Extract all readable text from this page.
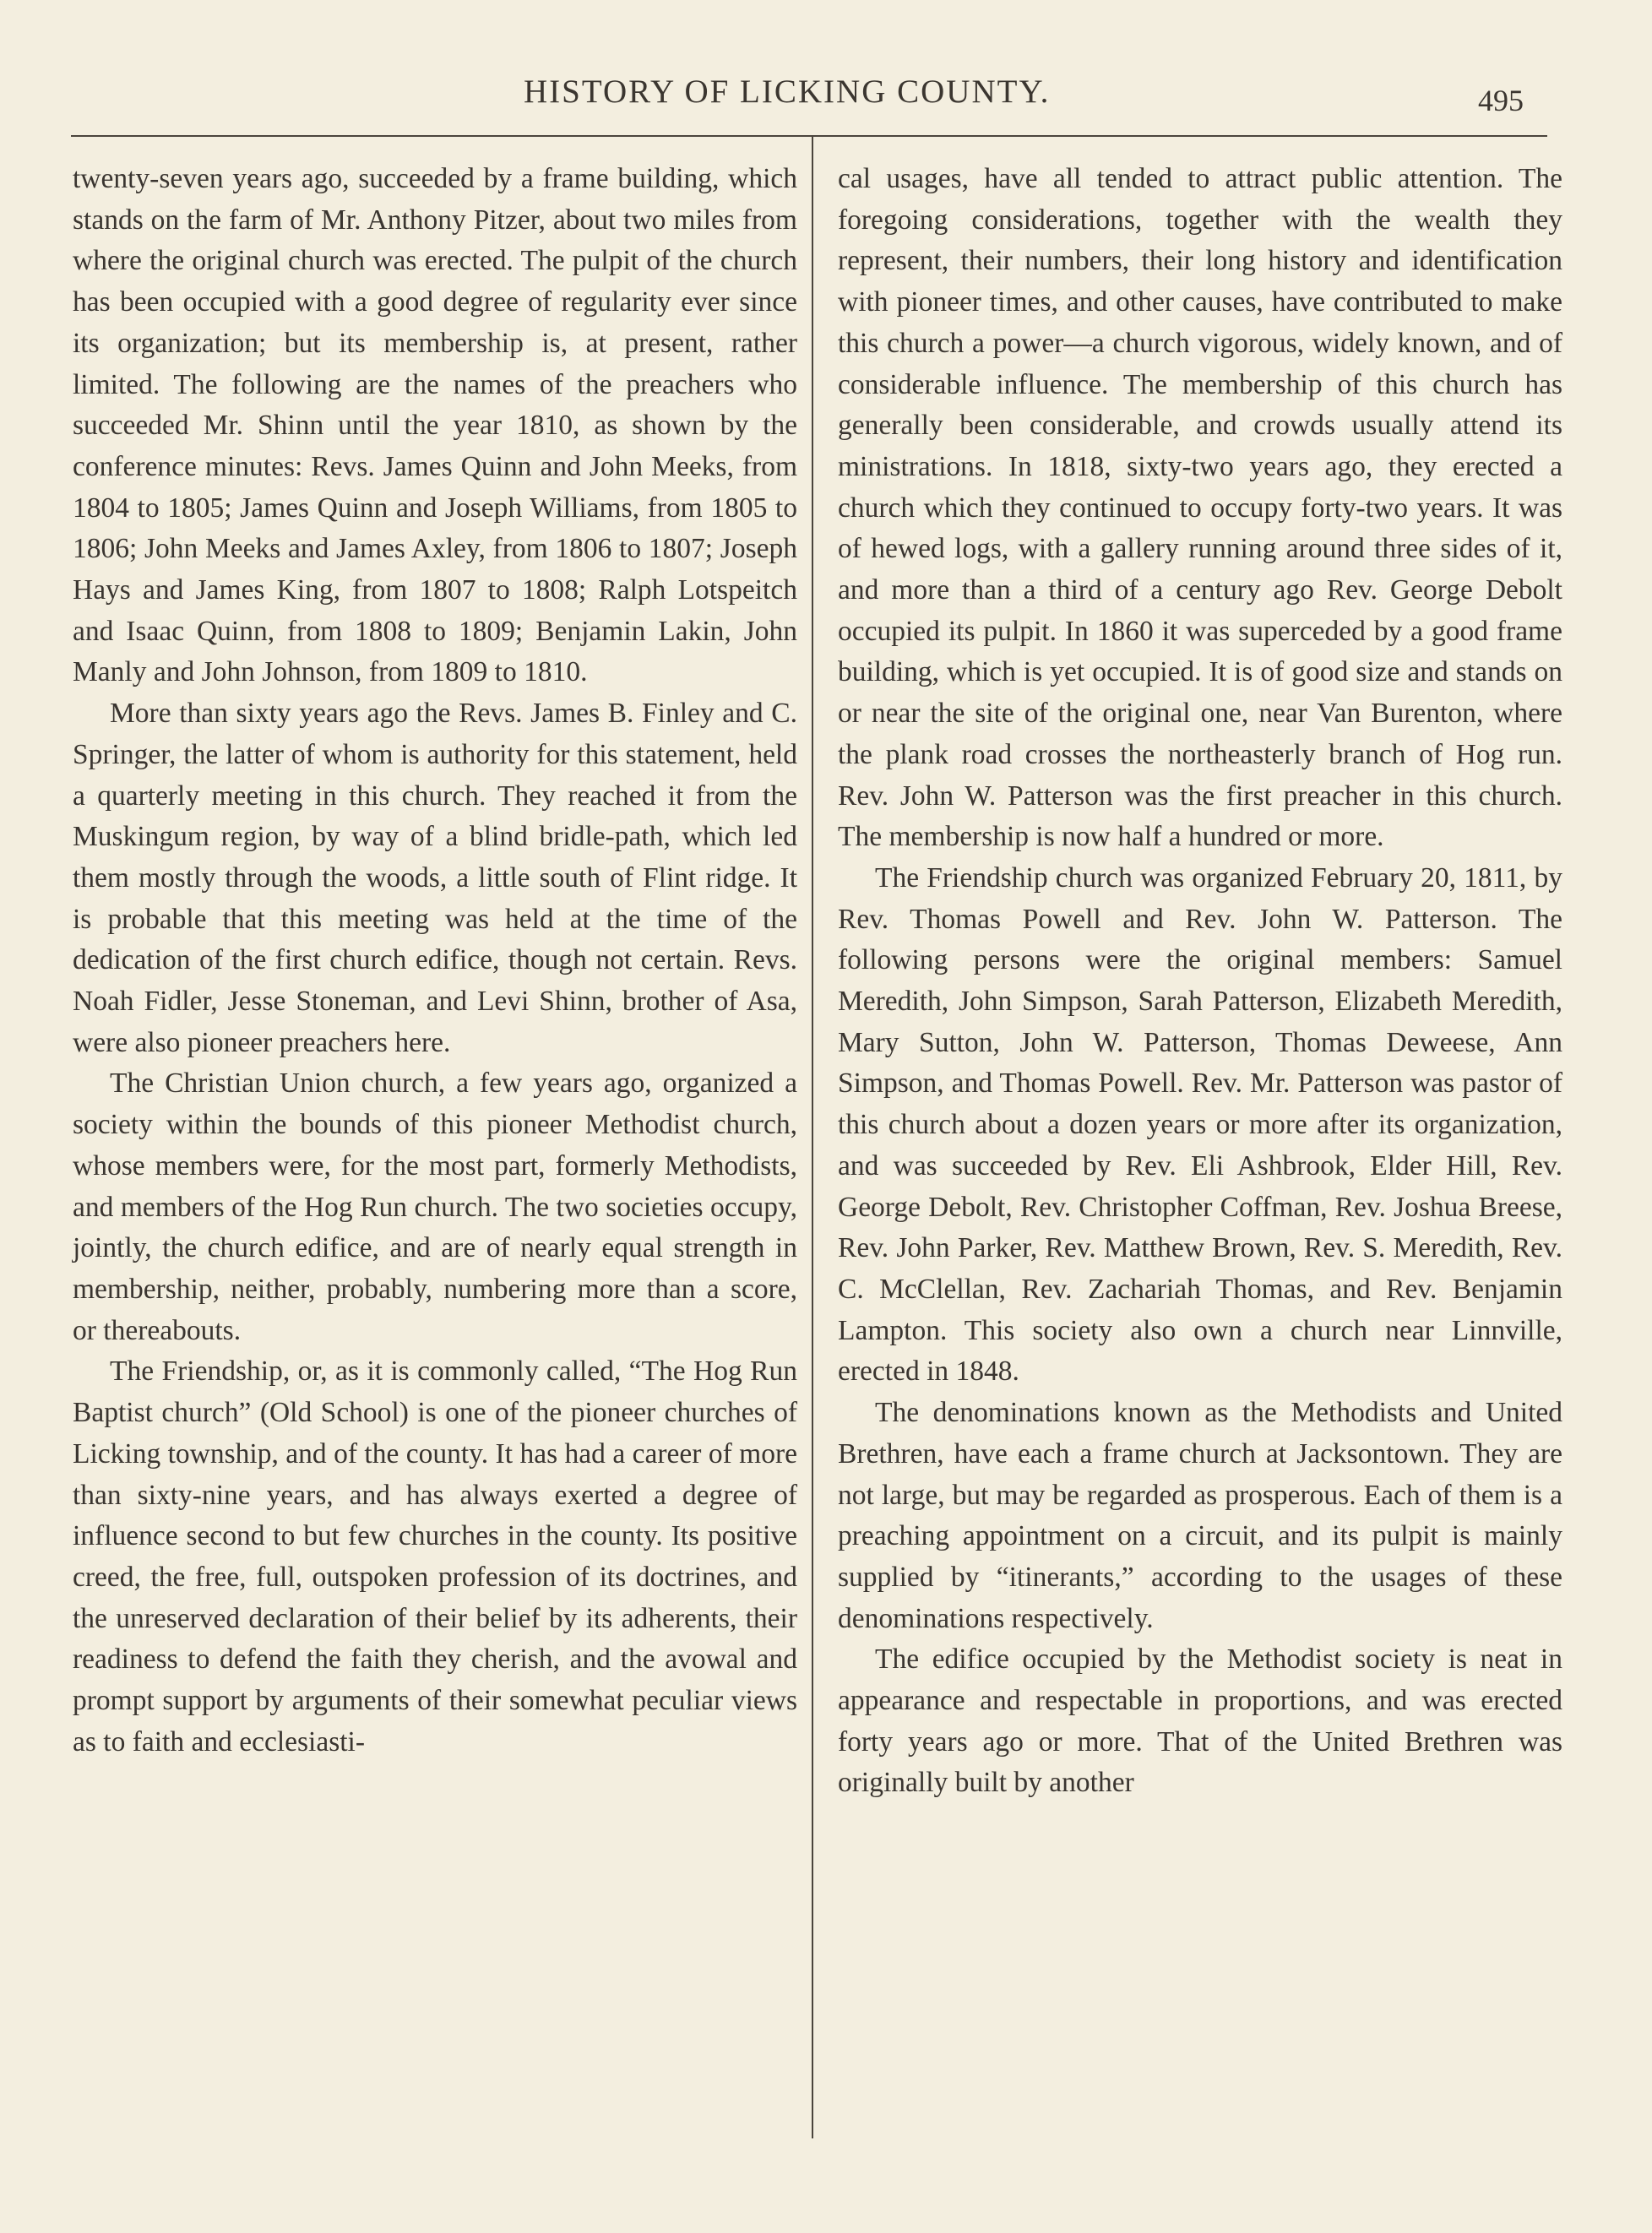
HISTORY OF LICKING COUNTY.	495

twenty-seven years ago, succeeded by a frame building, which stands on the farm of Mr. Anthony Pitzer, about two miles from where the original church was erected. The pulpit of the church has been occupied with a good degree of regularity ever since its organization; but its membership is, at present, rather limited. The following are the names of the preachers who succeeded Mr. Shinn until the year 1810, as shown by the conference minutes: Revs. James Quinn and John Meeks, from 1804 to 1805; James Quinn and Joseph Williams, from 1805 to 1806; John Meeks and James Axley, from 1806 to 1807; Joseph Hays and James King, from 1807 to 1808; Ralph Lotspeitch and Isaac Quinn, from 1808 to 1809; Benjamin Lakin, John Manly and John Johnson, from 1809 to 1810.

More than sixty years ago the Revs. James B. Finley and C. Springer, the latter of whom is authority for this statement, held a quarterly meeting in this church. They reached it from the Muskingum region, by way of a blind bridle-path, which led them mostly through the woods, a little south of Flint ridge. It is probable that this meeting was held at the time of the dedication of the first church edifice, though not certain. Revs. Noah Fidler, Jesse Stoneman, and Levi Shinn, brother of Asa, were also pioneer preachers here.

The Christian Union church, a few years ago, organized a society within the bounds of this pioneer Methodist church, whose members were, for the most part, formerly Methodists, and members of the Hog Run church. The two societies occupy, jointly, the church edifice, and are of nearly equal strength in membership, neither, probably, numbering more than a score, or thereabouts.

The Friendship, or, as it is commonly called, “The Hog Run Baptist church” (Old School) is one of the pioneer churches of Licking township, and of the county. It has had a career of more than sixty-nine years, and has always exerted a degree of influence second to but few churches in the county. Its positive creed, the free, full, outspoken profession of its doctrines, and the unreserved declaration of their belief by its adherents, their readiness to defend the faith they cherish, and the avowal and prompt support by arguments of their somewhat peculiar views as to faith and ecclesiasti-

cal usages, have all tended to attract public attention. The foregoing considerations, together with the wealth they represent, their numbers, their long history and identification with pioneer times, and other causes, have contributed to make this church a power—a church vigorous, widely known, and of considerable influence. The membership of this church has generally been considerable, and crowds usually attend its ministrations. In 1818, sixty-two years ago, they erected a church which they continued to occupy forty-two years. It was of hewed logs, with a gallery running around three sides of it, and more than a third of a century ago Rev. George Debolt occupied its pulpit. In 1860 it was superceded by a good frame building, which is yet occupied. It is of good size and stands on or near the site of the original one, near Van Burenton, where the plank road crosses the northeasterly branch of Hog run. Rev. John W. Patterson was the first preacher in this church. The membership is now half a hundred or more.

The Friendship church was organized February 20, 1811, by Rev. Thomas Powell and Rev. John W. Patterson. The following persons were the original members: Samuel Meredith, John Simpson, Sarah Patterson, Elizabeth Meredith, Mary Sutton, John W. Patterson, Thomas Deweese, Ann Simpson, and Thomas Powell. Rev. Mr. Patterson was pastor of this church about a dozen years or more after its organization, and was succeeded by Rev. Eli Ashbrook, Elder Hill, Rev. George Debolt, Rev. Christopher Coffman, Rev. Joshua Breese, Rev. John Parker, Rev. Matthew Brown, Rev. S. Meredith, Rev. C. McClellan, Rev. Zachariah Thomas, and Rev. Benjamin Lampton. This society also own a church near Linnville, erected in 1848.

The denominations known as the Methodists and United Brethren, have each a frame church at Jacksontown. They are not large, but may be regarded as prosperous. Each of them is a preaching appointment on a circuit, and its pulpit is mainly supplied by “itinerants,” according to the usages of these denominations respectively.

The edifice occupied by the Methodist society is neat in appearance and respectable in proportions, and was erected forty years ago or more. That of the United Brethren was originally built by another
